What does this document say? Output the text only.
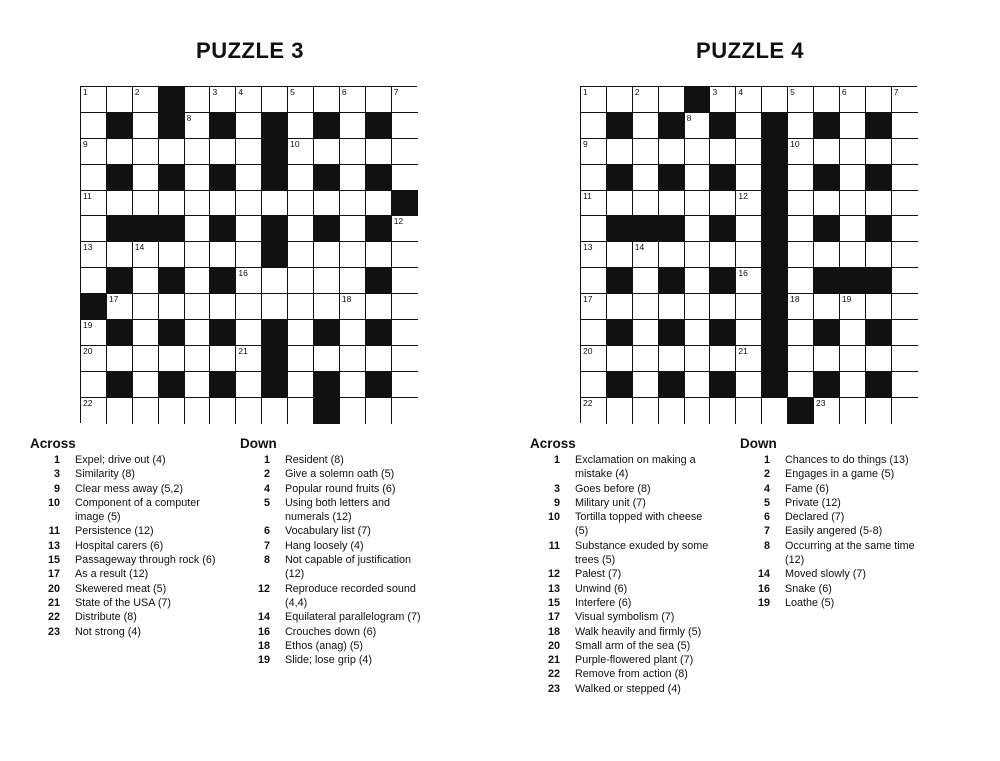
PUZZLE 3
1	2	3 4	5	6	7
8
9	10
11
12
13	14	15
16
17	18
19
20	21
22	23
Across
1 Expel; drive out (4)
3 Similarity (8)
9 Clear mess away (5,2)
10 Component of a computer image (5)
11 Persistence (12)
13 Hospital carers (6)
15 Passageway through rock (6)
17 As a result (12)
20 Skewered meat (5)
21 State of the USA (7)
22 Distribute (8)
23 Not strong (4)
Down
1 Resident (8)
2 Give a solemn oath (5)
4 Popular round fruits (6)
5 Using both letters and numerals (12)
6 Vocabulary list (7)
7 Hang loosely (4)
8 Not capable of justification (12)
12 Reproduce recorded sound (4,4)
14 Equilateral parallelogram (7)
16 Crouches down (6)
18 Ethos (anag) (5)
19 Slide; lose grip (4)
PUZZLE 4
1	2	3 4	5	6	7
8
9	10
11	12
13	14	15
16
17	18	19
20	21
22	23
Across
1 Exclamation on making a mistake (4)
3 Goes before (8)
9 Military unit (7)
10 Tortilla topped with cheese (5)
11 Substance exuded by some trees (5)
12 Palest (7)
13 Unwind (6)
15 Interfere (6)
17 Visual symbolism (7)
18 Walk heavily and firmly (5)
20 Small arm of the sea (5)
21 Purple-flowered plant (7)
22 Remove from action (8)
23 Walked or stepped (4)
Down
1 Chances to do things (13)
2 Engages in a game (5)
4 Fame (6)
5 Private (12)
6 Declared (7)
7 Easily angered (5-8)
8 Occurring at the same time (12)
14 Moved slowly (7)
16 Snake (6)
19 Loathe (5)
